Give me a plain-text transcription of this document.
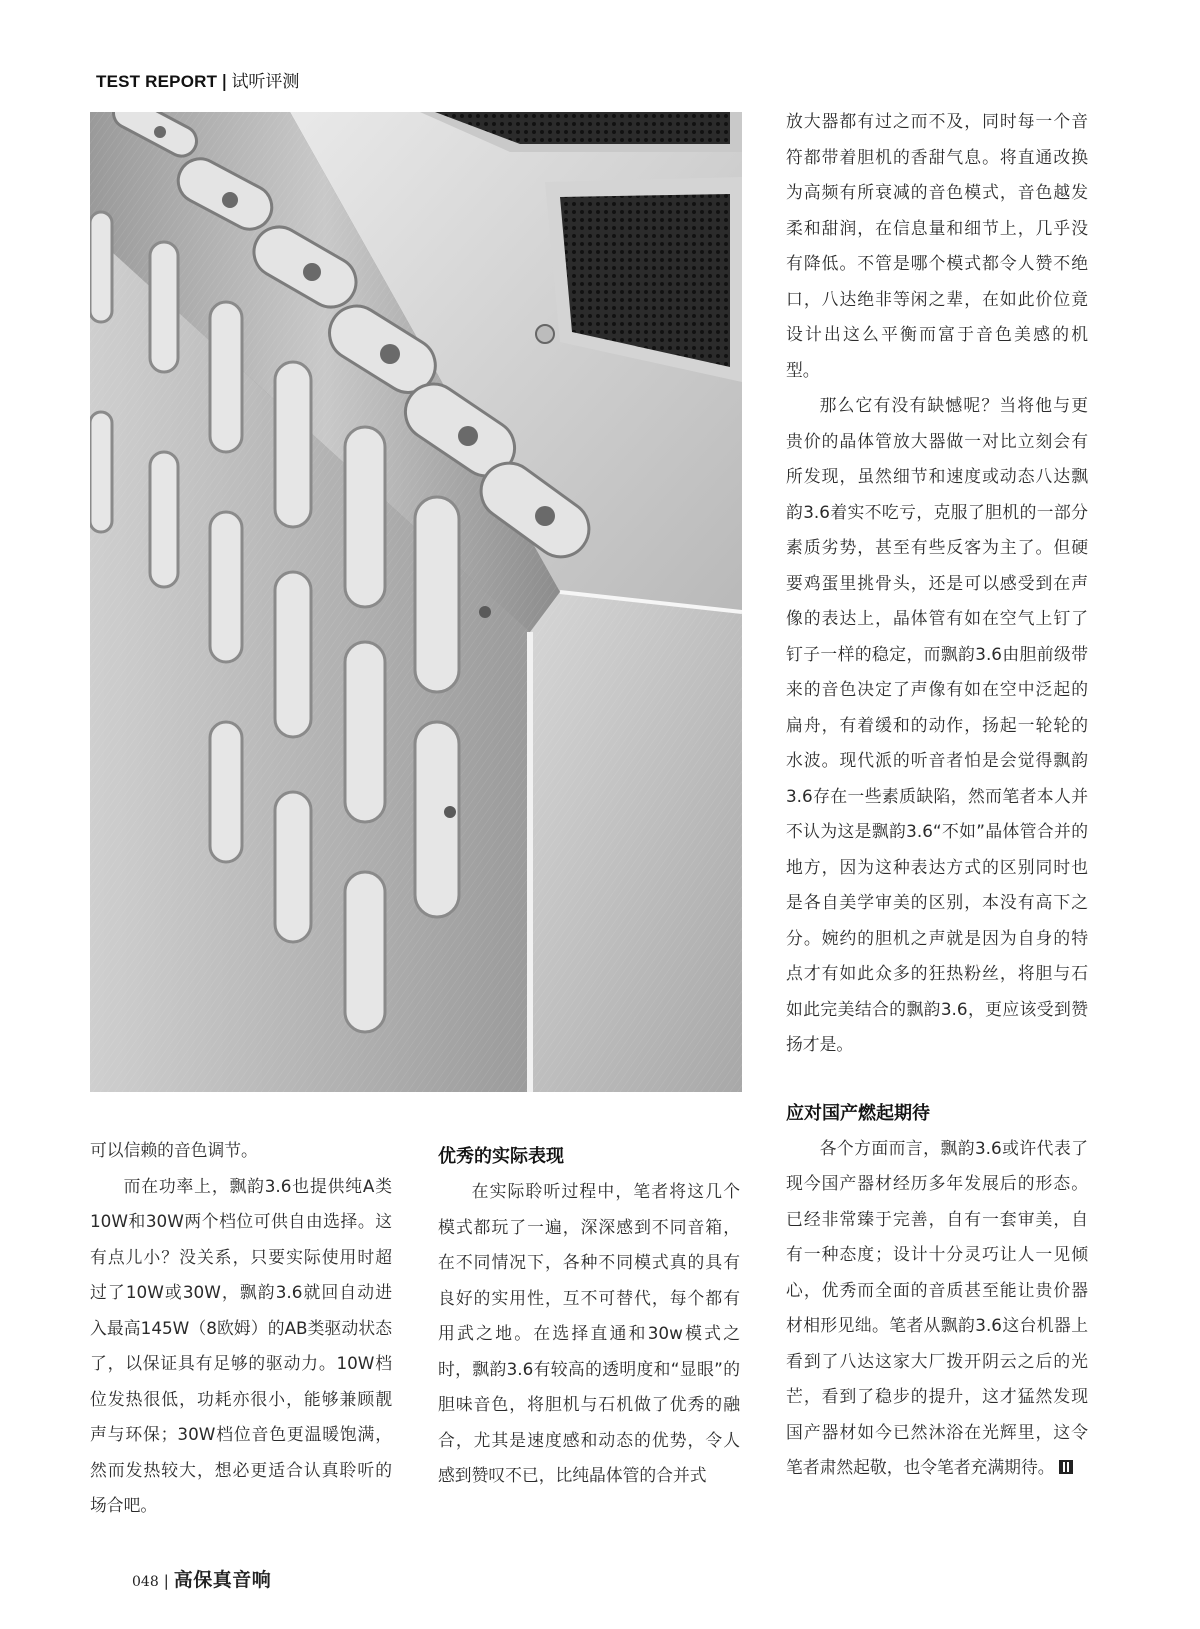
TEST REPORT | 试听评测

放大器都有过之而不及，同时每一个音符都带着胆机的香甜气息。将直通改换为高频有所衰减的音色模式，音色越发柔和甜润，在信息量和细节上，几乎没有降低。不管是哪个模式都令人赞不绝口，八达绝非等闲之辈，在如此价位竟设计出这么平衡而富于音色美感的机型。

那么它有没有缺憾呢？当将他与更贵价的晶体管放大器做一对比立刻会有所发现，虽然细节和速度或动态八达飘韵3.6着实不吃亏，克服了胆机的一部分素质劣势，甚至有些反客为主了。但硬要鸡蛋里挑骨头，还是可以感受到在声像的表达上，晶体管有如在空气上钉了钉子一样的稳定，而飘韵3.6由胆前级带来的音色决定了声像有如在空中泛起的扁舟，有着缓和的动作，扬起一轮轮的水波。现代派的听音者怕是会觉得飘韵3.6存在一些素质缺陷，然而笔者本人并不认为这是飘韵3.6“不如”晶体管合并的地方，因为这种表达方式的区别同时也是各自美学审美的区别，本没有高下之分。婉约的胆机之声就是因为自身的特点才有如此众多的狂热粉丝，将胆与石如此完美结合的飘韵3.6，更应该受到赞扬才是。

应对国产燃起期待

各个方面而言，飘韵3.6或许代表了现今国产器材经历多年发展后的形态。已经非常臻于完善，自有一套审美，自有一种态度；设计十分灵巧让人一见倾心，优秀而全面的音质甚至能让贵价器材相形见绌。笔者从飘韵3.6这台机器上看到了八达这家大厂拨开阴云之后的光芒，看到了稳步的提升，这才猛然发现国产器材如今已然沐浴在光辉里，这令笔者肃然起敬，也令笔者充满期待。

可以信赖的音色调节。

而在功率上，飘韵3.6也提供纯A类10W和30W两个档位可供自由选择。这有点儿小？没关系，只要实际使用时超过了10W或30W，飘韵3.6就回自动进入最高145W（8欧姆）的AB类驱动状态了，以保证具有足够的驱动力。10W档位发热很低，功耗亦很小，能够兼顾靓声与环保；30W档位音色更温暖饱满，然而发热较大，想必更适合认真聆听的场合吧。

优秀的实际表现

在实际聆听过程中，笔者将这几个模式都玩了一遍，深深感到不同音箱，在不同情况下，各种不同模式真的具有良好的实用性，互不可替代，每个都有用武之地。在选择直通和30w模式之时，飘韵3.6有较高的透明度和“显眼”的胆味音色，将胆机与石机做了优秀的融合，尤其是速度感和动态的优势，令人感到赞叹不已，比纯晶体管的合并式

048 | 高保真音响
